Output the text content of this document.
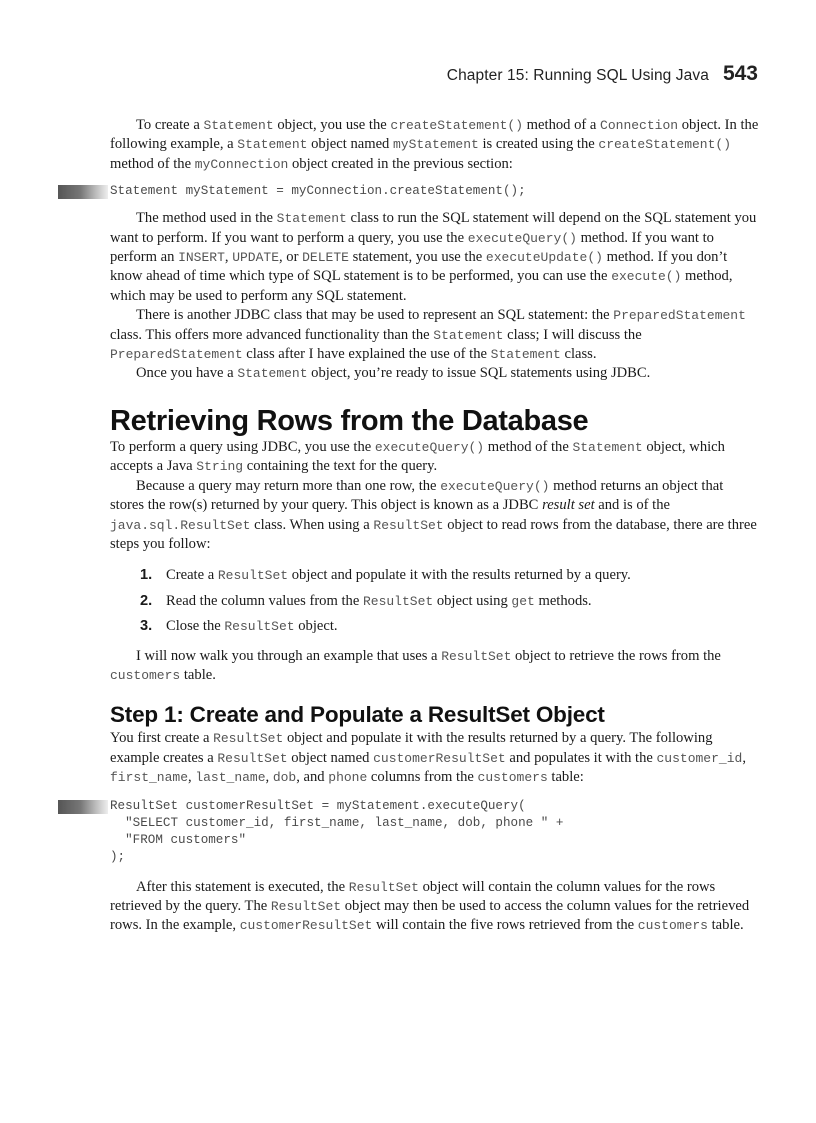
Chapter 15: Running SQL Using Java 543

To create a Statement object, you use the createStatement() method of a Connection object. In the following example, a Statement object named myStatement is created using the createStatement() method of the myConnection object created in the previous section:

Statement myStatement = myConnection.createStatement();

The method used in the Statement class to run the SQL statement will depend on the SQL statement you want to perform. If you want to perform a query, you use the executeQuery() method. If you want to perform an INSERT, UPDATE, or DELETE statement, you use the executeUpdate() method. If you don’t know ahead of time which type of SQL statement is to be performed, you can use the execute() method, which may be used to perform any SQL statement.

There is another JDBC class that may be used to represent an SQL statement: the PreparedStatement class. This offers more advanced functionality than the Statement class; I will discuss the PreparedStatement class after I have explained the use of the Statement class.

Once you have a Statement object, you’re ready to issue SQL statements using JDBC.

Retrieving Rows from the Database

To perform a query using JDBC, you use the executeQuery() method of the Statement object, which accepts a Java String containing the text for the query.

Because a query may return more than one row, the executeQuery() method returns an object that stores the row(s) returned by your query. This object is known as a JDBC result set and is of the java.sql.ResultSet class. When using a ResultSet object to read rows from the database, there are three steps you follow:

1. Create a ResultSet object and populate it with the results returned by a query.
2. Read the column values from the ResultSet object using get methods.
3. Close the ResultSet object.

I will now walk you through an example that uses a ResultSet object to retrieve the rows from the customers table.

Step 1: Create and Populate a ResultSet Object

You first create a ResultSet object and populate it with the results returned by a query. The following example creates a ResultSet object named customerResultSet and populates it with the customer_id, first_name, last_name, dob, and phone columns from the customers table:

ResultSet customerResultSet = myStatement.executeQuery(
"SELECT customer_id, first_name, last_name, dob, phone " +
"FROM customers"
);

After this statement is executed, the ResultSet object will contain the column values for the rows retrieved by the query. The ResultSet object may then be used to access the column values for the retrieved rows. In the example, customerResultSet will contain the five rows retrieved from the customers table.
